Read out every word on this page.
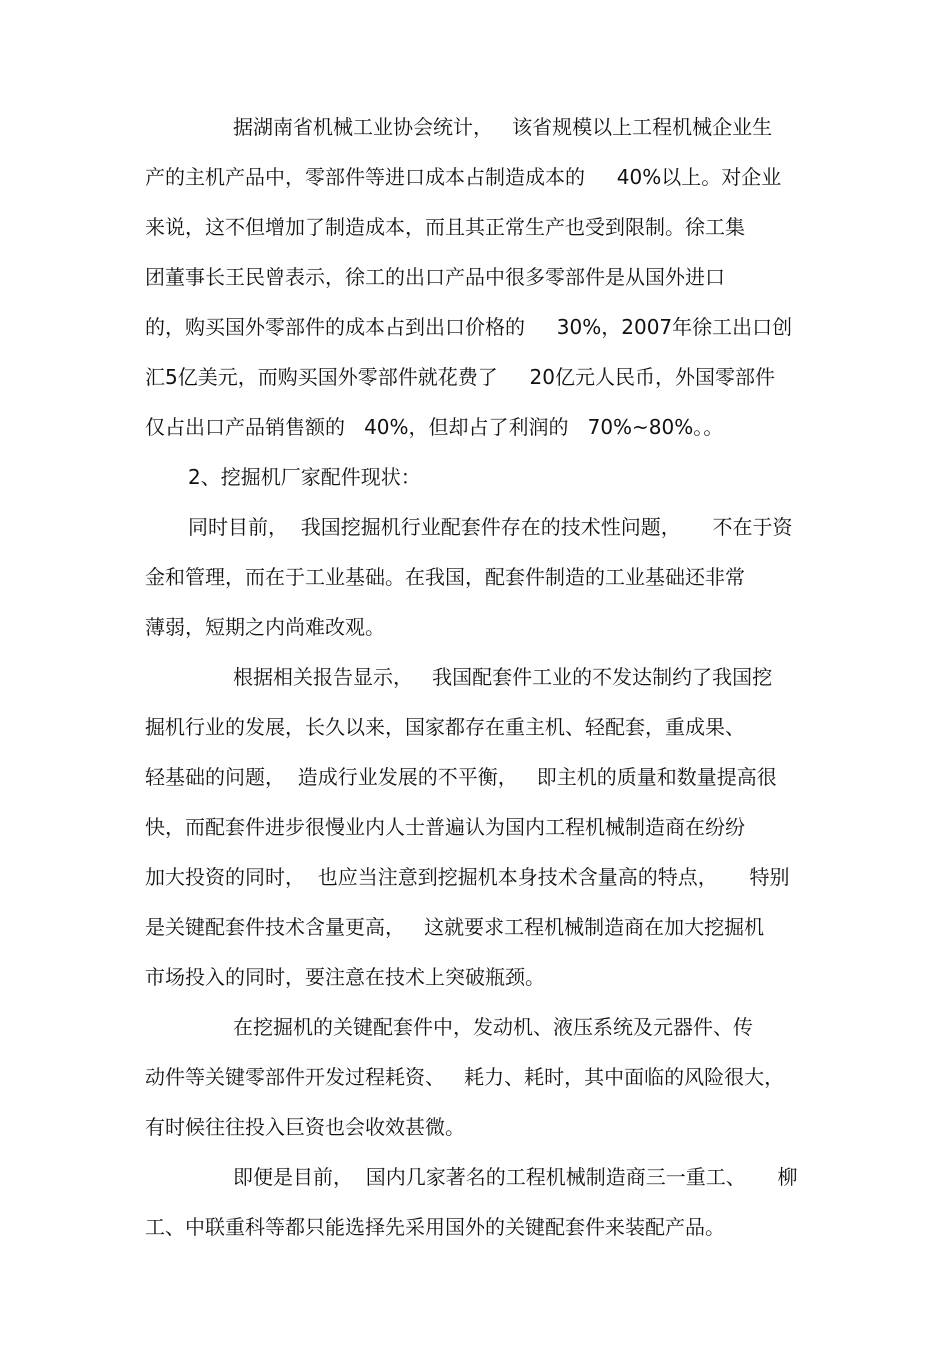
据湖南省机械工业协会统计，   该省规模以上工程机械企业生
产的主机产品中，零部件等进口成本占制造成本的     40%以上。对企业
来说，这不但增加了制造成本，而且其正常生产也受到限制。徐工集
团董事长王民曾表示，徐工的出口产品中很多零部件是从国外进口
的，购买国外零部件的成本占到出口价格的     30%，2007年徐工出口创
汇5亿美元，而购买国外零部件就花费了     20亿元人民币，外国零部件
仅占出口产品销售额的   40%，但却占了利润的   70%~80%。。
2、挖掘机厂家配件现状：
同时目前，  我国挖掘机行业配套件存在的技术性问题，     不在于资
金和管理，而在于工业基础。在我国，配套件制造的工业基础还非常
薄弱，短期之内尚难改观。
根据相关报告显示，   我国配套件工业的不发达制约了我国挖
掘机行业的发展，长久以来，国家都存在重主机、轻配套，重成果、
轻基础的问题，  造成行业发展的不平衡，   即主机的质量和数量提高很
快，而配套件进步很慢业内人士普遍认为国内工程机械制造商在纷纷
加大投资的同时，  也应当注意到挖掘机本身技术含量高的特点，     特别
是关键配套件技术含量更高，   这就要求工程机械制造商在加大挖掘机
市场投入的同时，要注意在技术上突破瓶颈。
在挖掘机的关键配套件中，发动机、液压系统及元器件、传
动件等关键零部件开发过程耗资、   耗力、耗时，其中面临的风险很大，
有时候往往投入巨资也会收效甚微。
即便是目前，  国内几家著名的工程机械制造商三一重工、     柳
工、中联重科等都只能选择先采用国外的关键配套件来装配产品。
